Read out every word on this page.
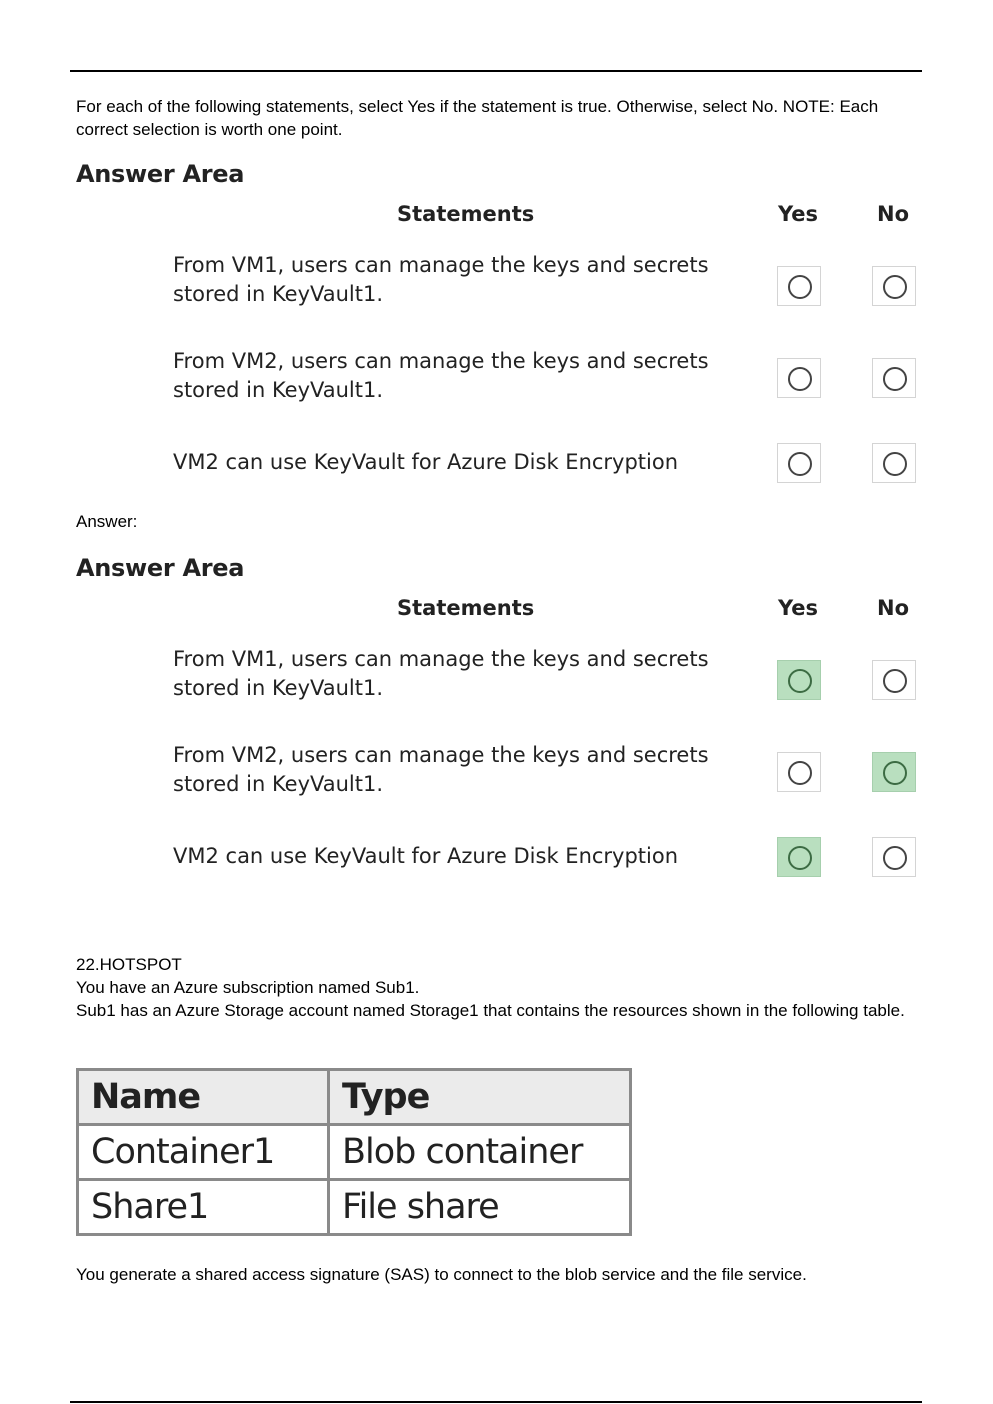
For each of the following statements, select Yes if the statement is true. Otherwise, select No. NOTE: Each correct selection is worth one point.
Answer Area
Statements	Yes	No
From VM1, users can manage the keys and secrets stored in KeyVault1.
From VM2, users can manage the keys and secrets stored in KeyVault1.
VM2 can use KeyVault for Azure Disk Encryption
Answer:
Answer Area
Statements	Yes	No
From VM1, users can manage the keys and secrets stored in KeyVault1.
From VM2, users can manage the keys and secrets stored in KeyVault1.
VM2 can use KeyVault for Azure Disk Encryption
22.HOTSPOT
You have an Azure subscription named Sub1.
Sub1 has an Azure Storage account named Storage1 that contains the resources shown in the following table.
Name	Type
Container1	Blob container
Share1	File share
You generate a shared access signature (SAS) to connect to the blob service and the file service.
